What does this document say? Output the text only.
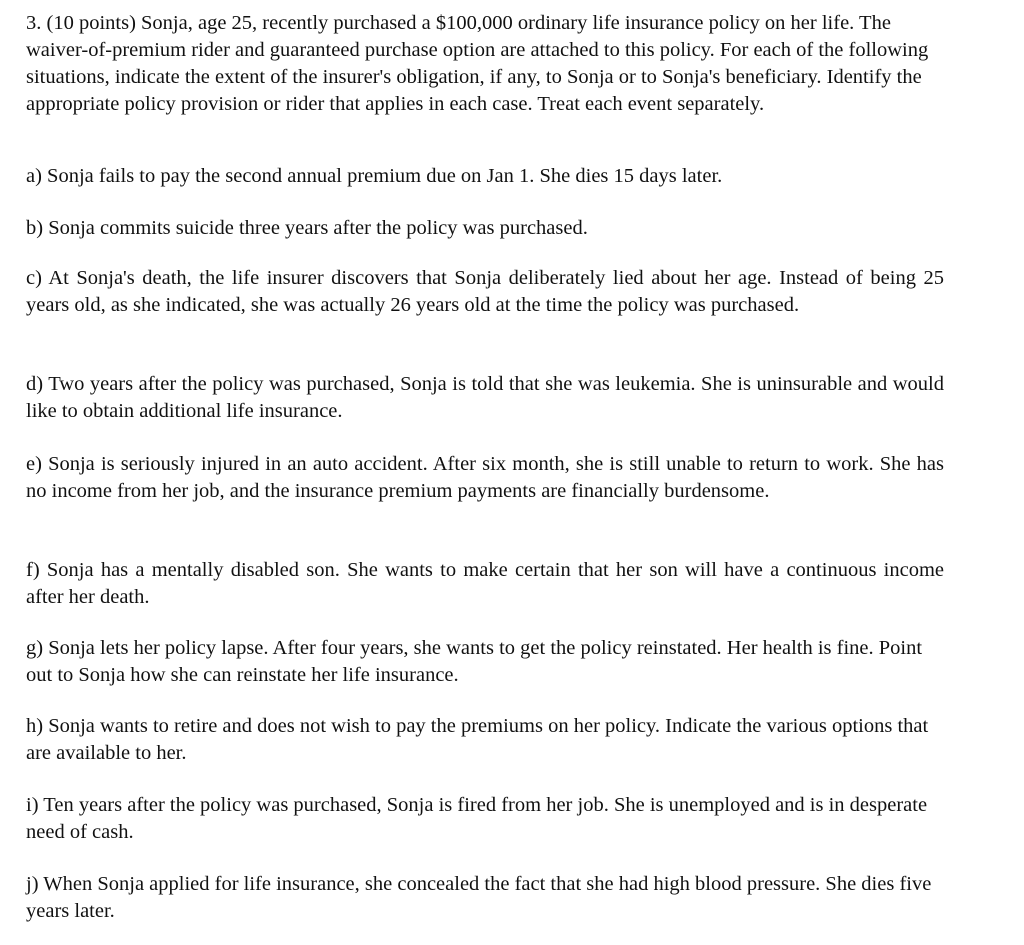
3. (10 points) Sonja, age 25, recently purchased a $100,000 ordinary life insurance policy on her life. The waiver-of-premium rider and guaranteed purchase option are attached to this policy. For each of the following situations, indicate the extent of the insurer's obligation, if any, to Sonja or to Sonja's beneficiary. Identify the appropriate policy provision or rider that applies in each case. Treat each event separately.

a) Sonja fails to pay the second annual premium due on Jan 1. She dies 15 days later.

b) Sonja commits suicide three years after the policy was purchased.

c) At Sonja's death, the life insurer discovers that Sonja deliberately lied about her age. Instead of being 25 years old, as she indicated, she was actually 26 years old at the time the policy was purchased.

d) Two years after the policy was purchased, Sonja is told that she was leukemia. She is uninsurable and would like to obtain additional life insurance.

e) Sonja is seriously injured in an auto accident. After six month, she is still unable to return to work. She has no income from her job, and the insurance premium payments are financially burdensome.

f) Sonja has a mentally disabled son. She wants to make certain that her son will have a continuous income after her death.

g) Sonja lets her policy lapse. After four years, she wants to get the policy reinstated. Her health is fine. Point out to Sonja how she can reinstate her life insurance.

h) Sonja wants to retire and does not wish to pay the premiums on her policy. Indicate the various options that are available to her.

i) Ten years after the policy was purchased, Sonja is fired from her job. She is unemployed and is in desperate need of cash.

j) When Sonja applied for life insurance, she concealed the fact that she had high blood pressure. She dies five years later.
